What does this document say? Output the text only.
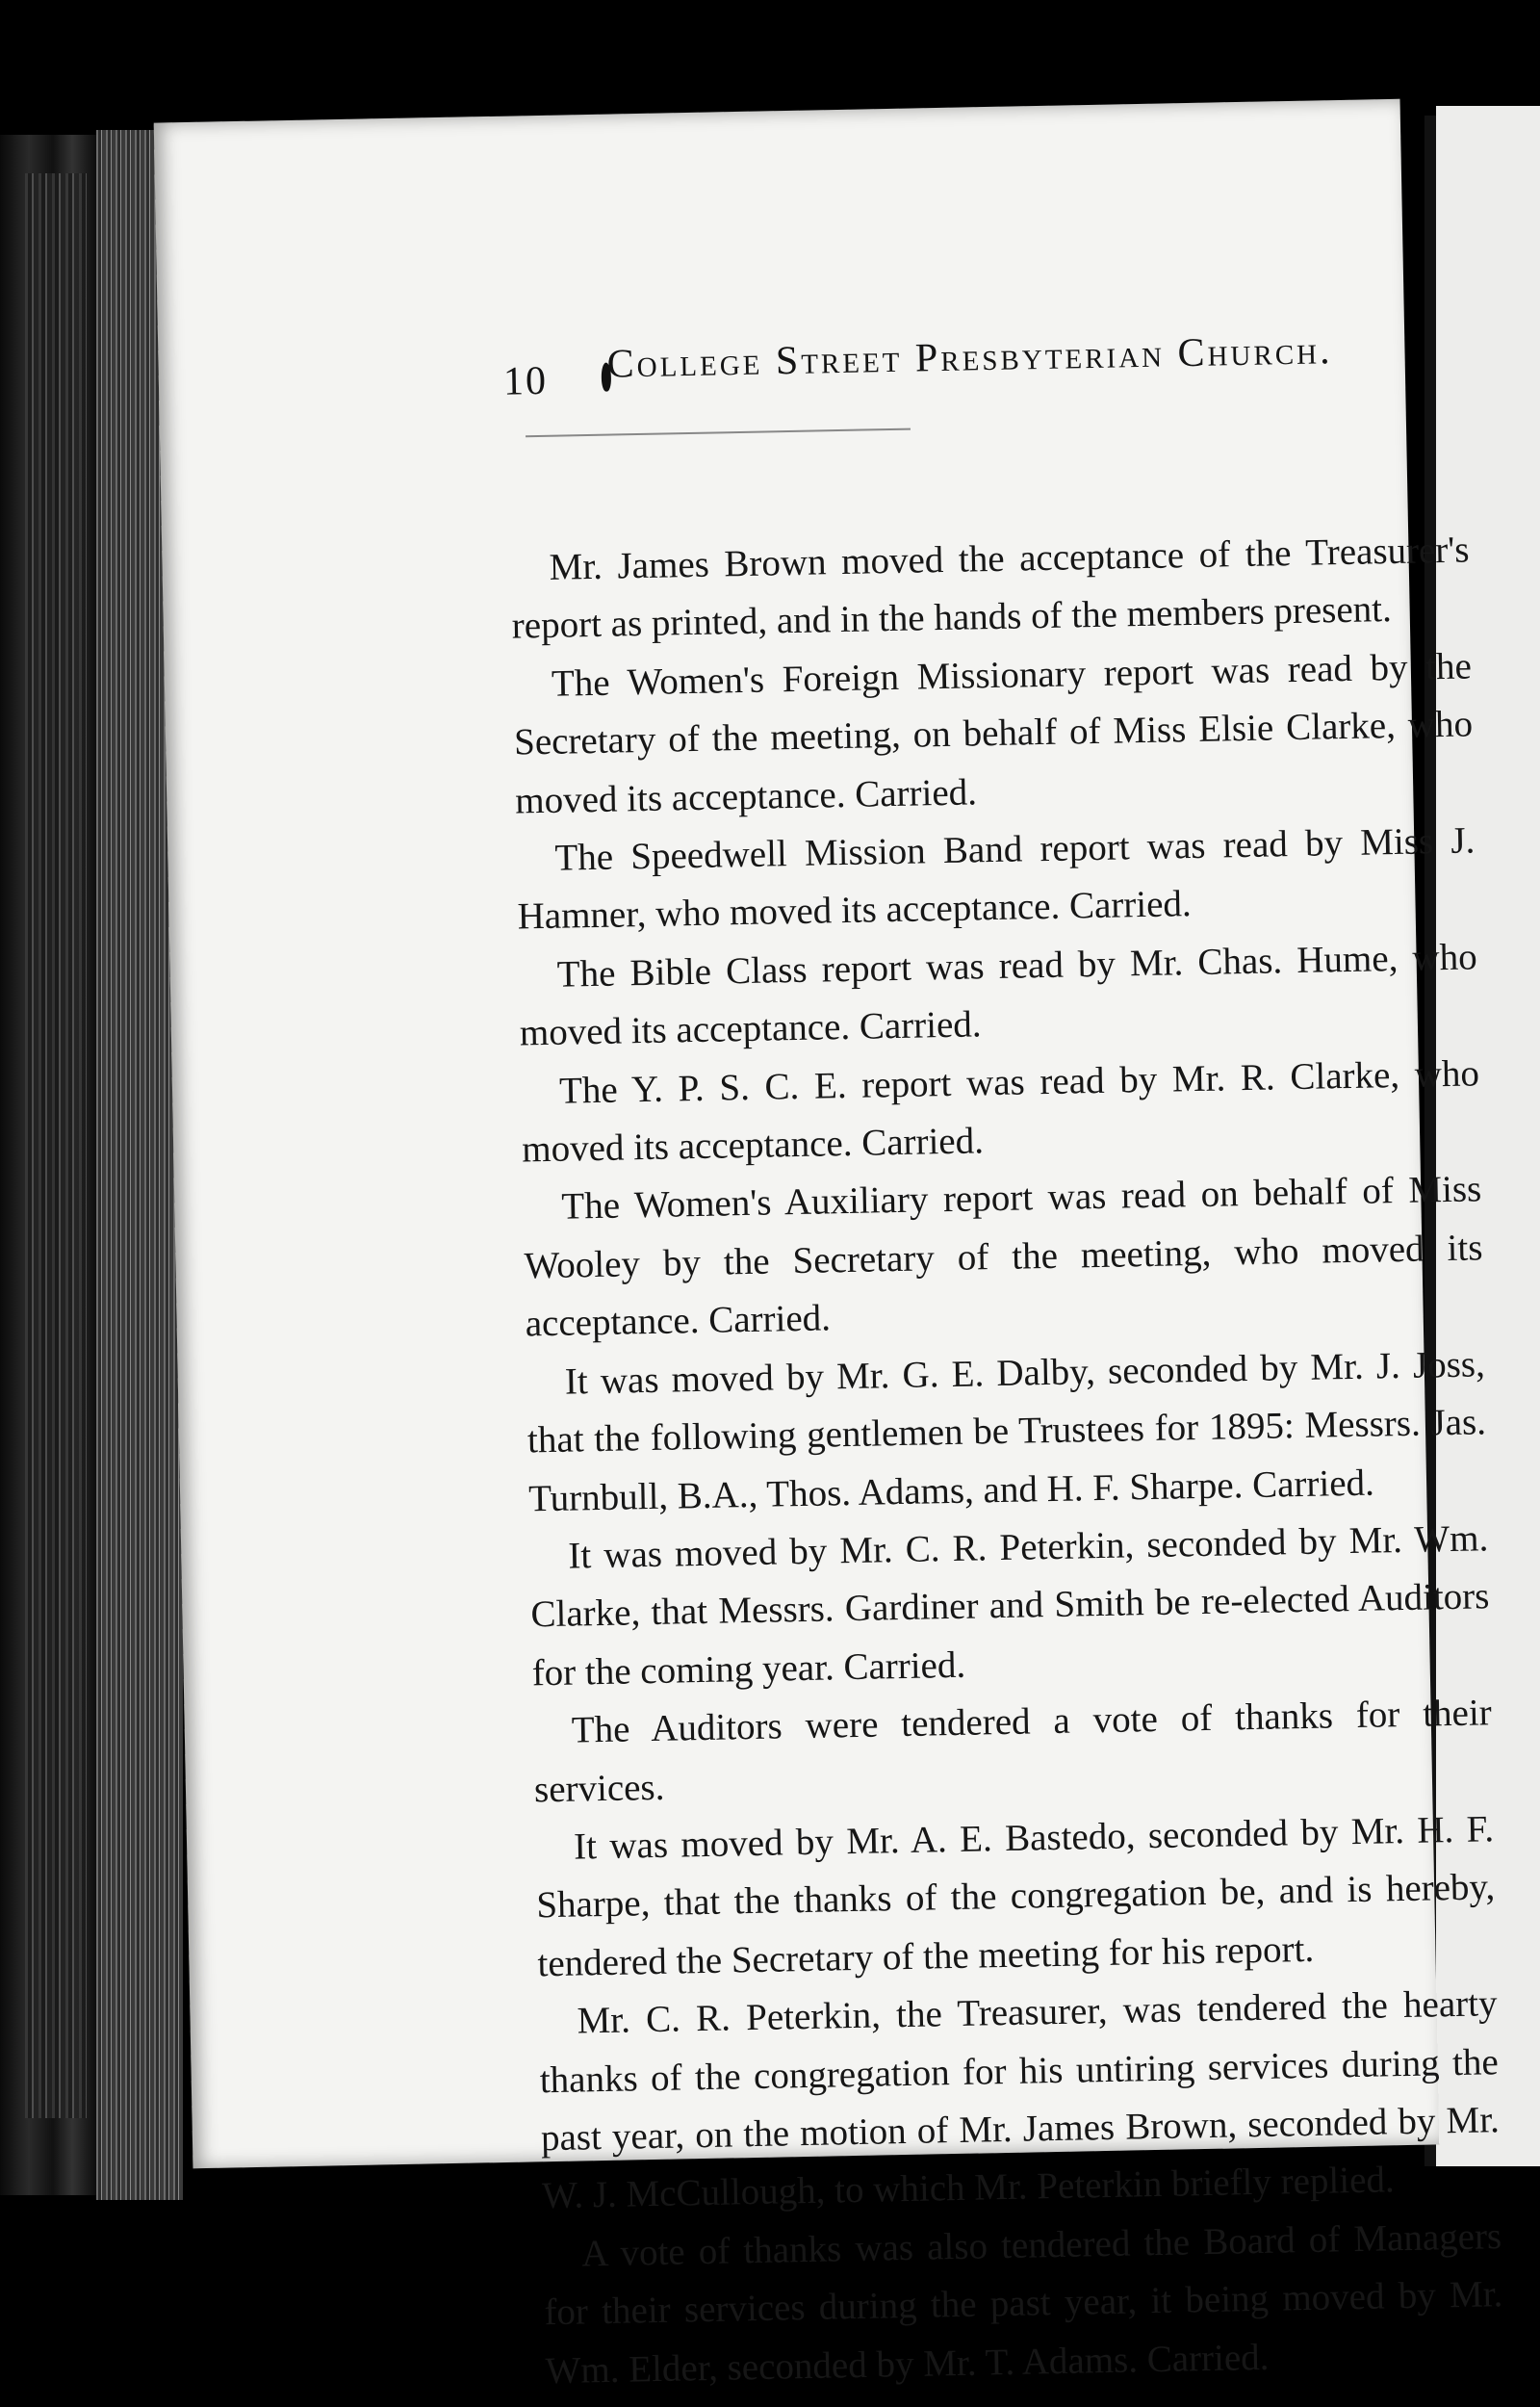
10 College Street Presbyterian Church.

Mr. James Brown moved the acceptance of the Treasurer's report as printed, and in the hands of the members present.

The Women's Foreign Missionary report was read by the Secretary of the meeting, on behalf of Miss Elsie Clarke, who moved its acceptance. Carried.

The Speedwell Mission Band report was read by Miss J. Hamner, who moved its acceptance. Carried.

The Bible Class report was read by Mr. Chas. Hume, who moved its acceptance. Carried.

The Y. P. S. C. E. report was read by Mr. R. Clarke, who moved its acceptance. Carried.

The Women's Auxiliary report was read on behalf of Miss Wooley by the Secretary of the meeting, who moved its acceptance. Carried.

It was moved by Mr. G. E. Dalby, seconded by Mr. J. Joss, that the following gentlemen be Trustees for 1895: Messrs. Jas. Turnbull, B.A., Thos. Adams, and H. F. Sharpe. Carried.

It was moved by Mr. C. R. Peterkin, seconded by Mr. Wm. Clarke, that Messrs. Gardiner and Smith be re-elected Auditors for the coming year. Carried.

The Auditors were tendered a vote of thanks for their services.

It was moved by Mr. A. E. Bastedo, seconded by Mr. H. F. Sharpe, that the thanks of the congregation be, and is hereby, tendered the Secretary of the meeting for his report.

Mr. C. R. Peterkin, the Treasurer, was tendered the hearty thanks of the congregation for his untiring services during the past year, on the motion of Mr. James Brown, seconded by Mr. W. J. McCullough, to which Mr. Peterkin briefly replied.

A vote of thanks was also tendered the Board of Managers for their services during the past year, it being moved by Mr. Wm. Elder, seconded by Mr. T. Adams. Carried.
